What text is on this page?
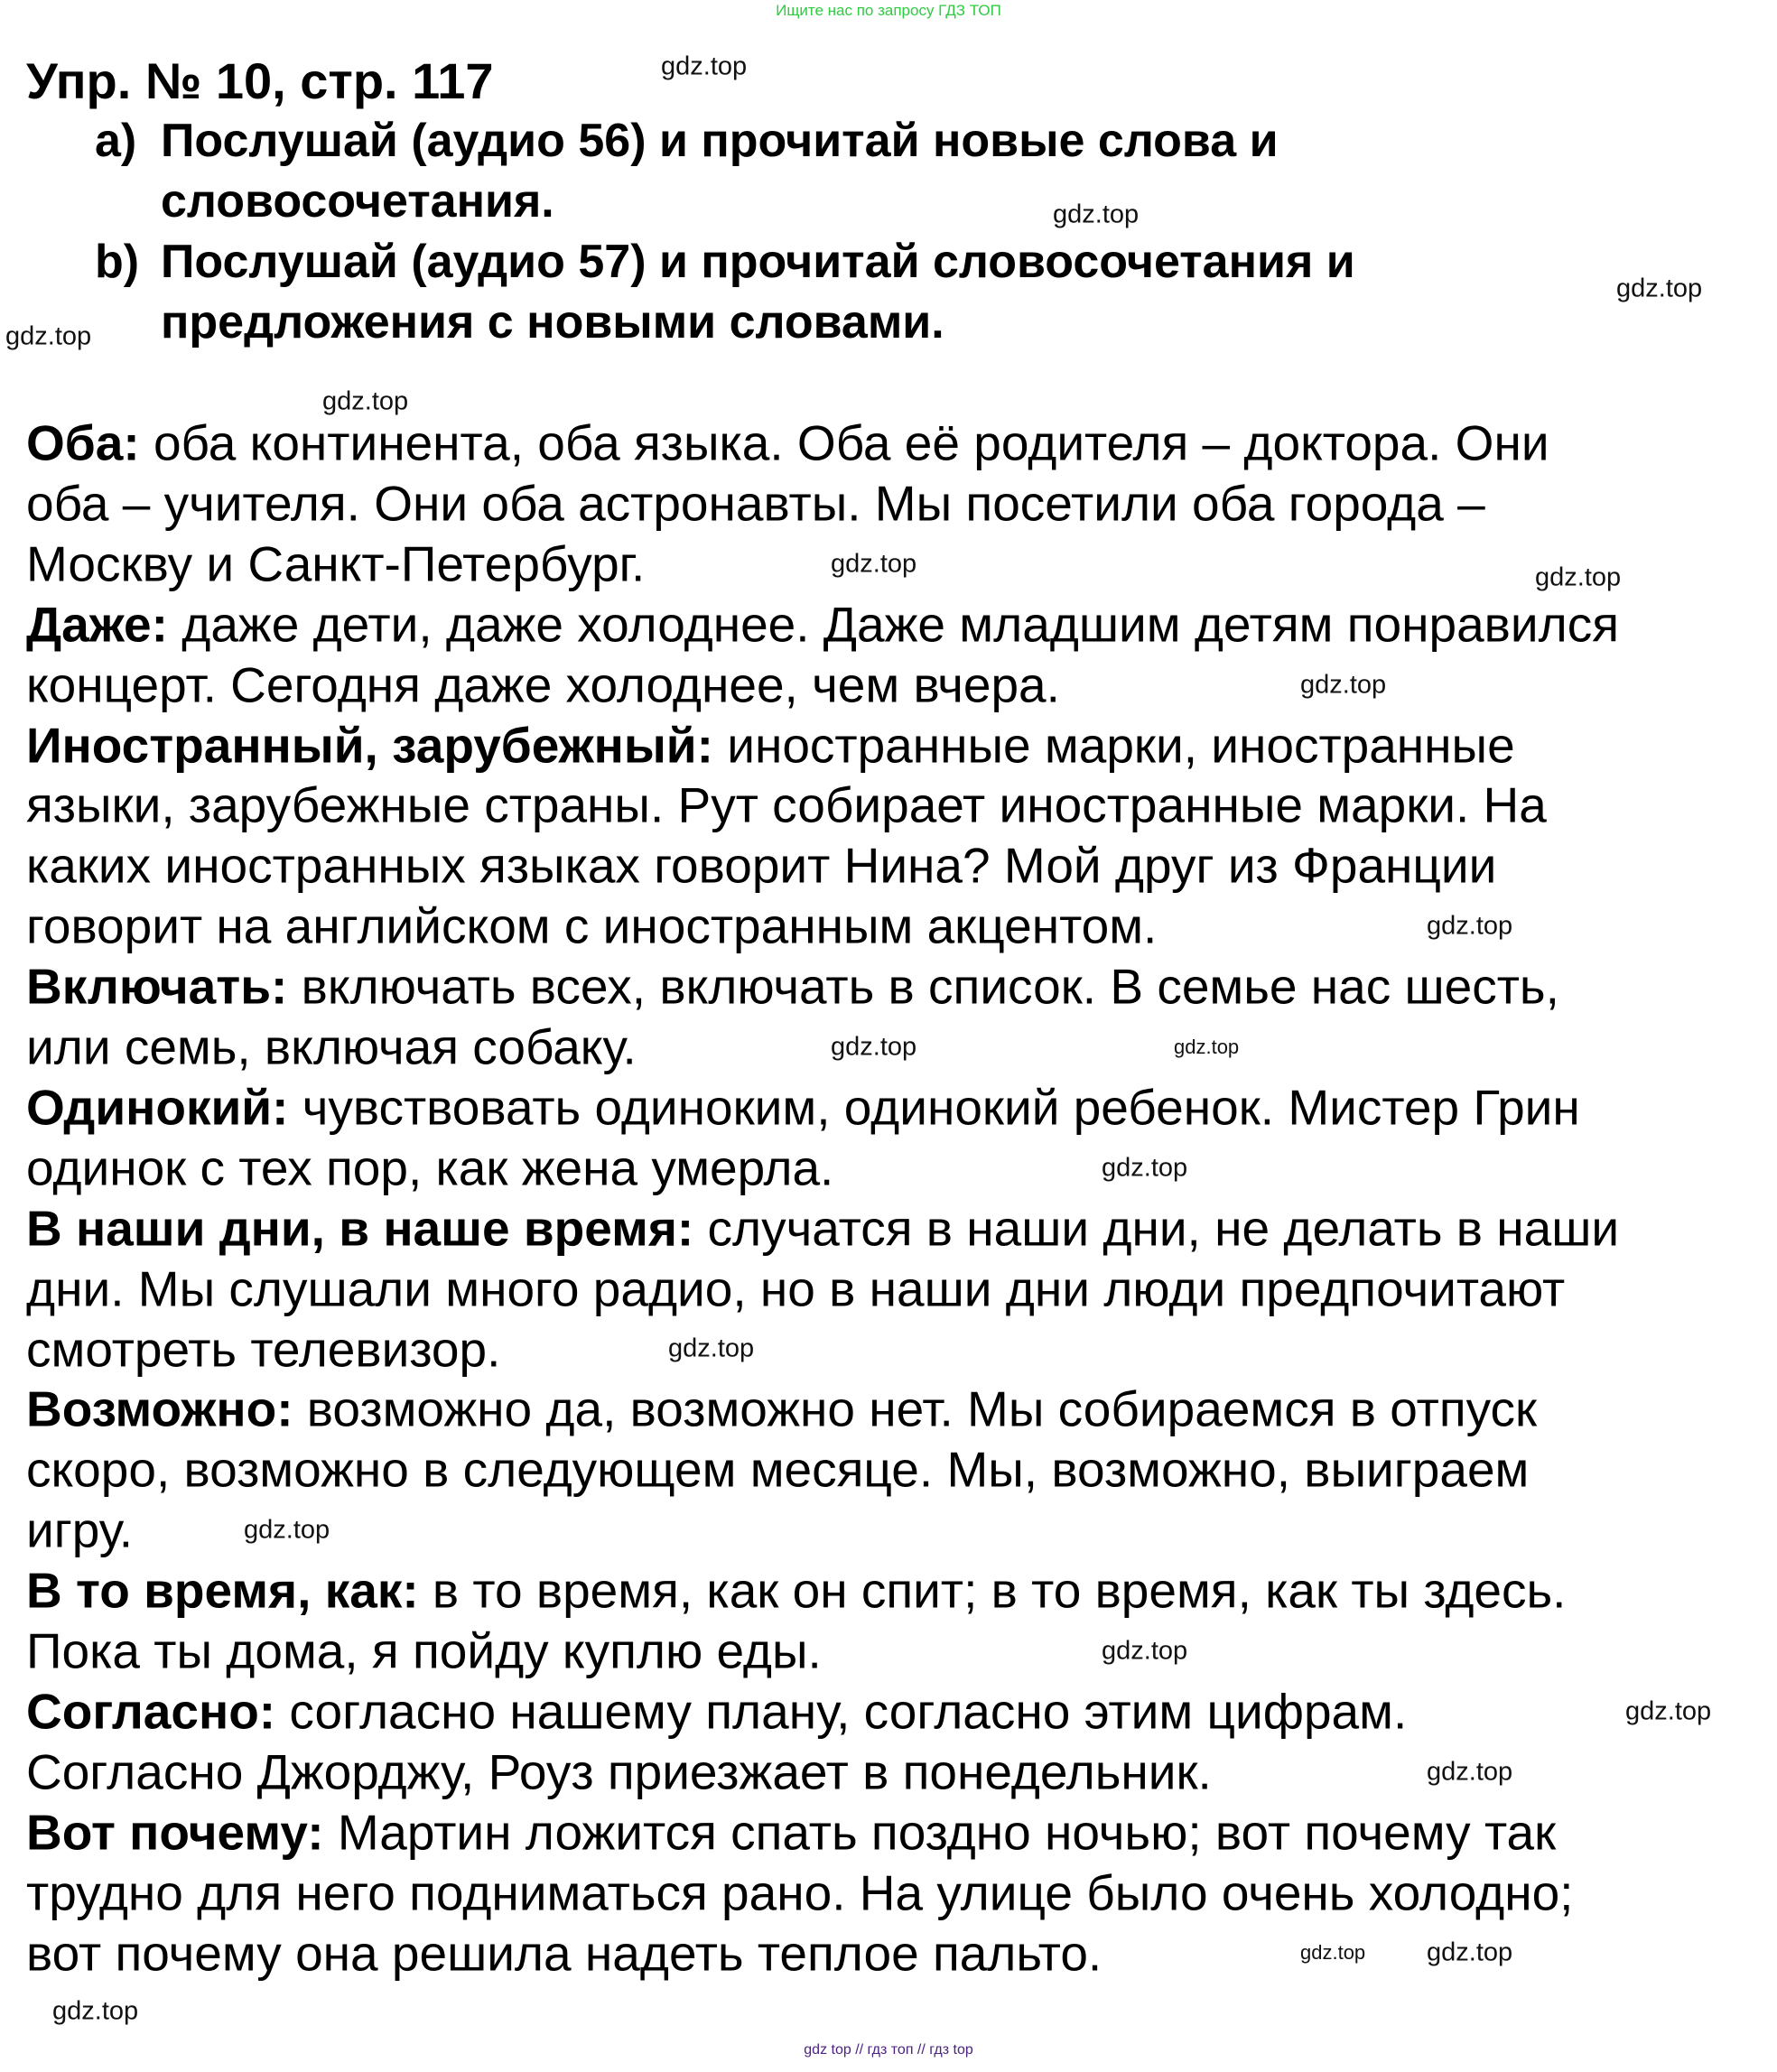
Ищите нас по запросу ГДЗ ТОП
Упр. № 10, стр. 117
a) Послушай (аудио 56) и прочитай новые слова и
словосочетания.
b) Послушай (аудио 57) и прочитай словосочетания и
предложения с новыми словами.
Оба: оба континента, оба языка. Оба её родителя – доктора. Они
оба – учителя. Они оба астронавты. Мы посетили оба города –
Москву и Санкт-Петербург.
Даже: даже дети, даже холоднее. Даже младшим детям понравился
концерт. Сегодня даже холоднее, чем вчера.
Иностранный, зарубежный: иностранные марки, иностранные
языки, зарубежные страны. Рут собирает иностранные марки. На
каких иностранных языках говорит Нина? Мой друг из Франции
говорит на английском с иностранным акцентом.
Включать: включать всех, включать в список. В семье нас шесть,
или семь, включая собаку.
Одинокий: чувствовать одиноким, одинокий ребенок. Мистер Грин
одинок с тех пор, как жена умерла.
В наши дни, в наше время: случатся в наши дни, не делать в наши
дни. Мы слушали много радио, но в наши дни люди предпочитают
смотреть телевизор.
Возможно: возможно да, возможно нет. Мы собираемся в отпуск
скоро, возможно в следующем месяце. Мы, возможно, выиграем
игру.
В то время, как: в то время, как он спит; в то время, как ты здесь.
Пока ты дома, я пойду куплю еды.
Согласно: согласно нашему плану, согласно этим цифрам.
Согласно Джорджу, Роуз приезжает в понедельник.
Вот почему: Мартин ложится спать поздно ночью; вот почему так
трудно для него подниматься рано. На улице было очень холодно;
вот почему она решила надеть теплое пальто.
gdz.top
gdz.top
gdz.top
gdz.top
gdz.top
gdz.top	gdz.top
gdz.top
gdz.top
gdz.top
gdz.top
gdz.top
gdz.top
gdz.top
gdz.top
gdz.top
gdz.top
gdz.top gdz.top
gdz.top
gdz top // гдз топ // гдз top
